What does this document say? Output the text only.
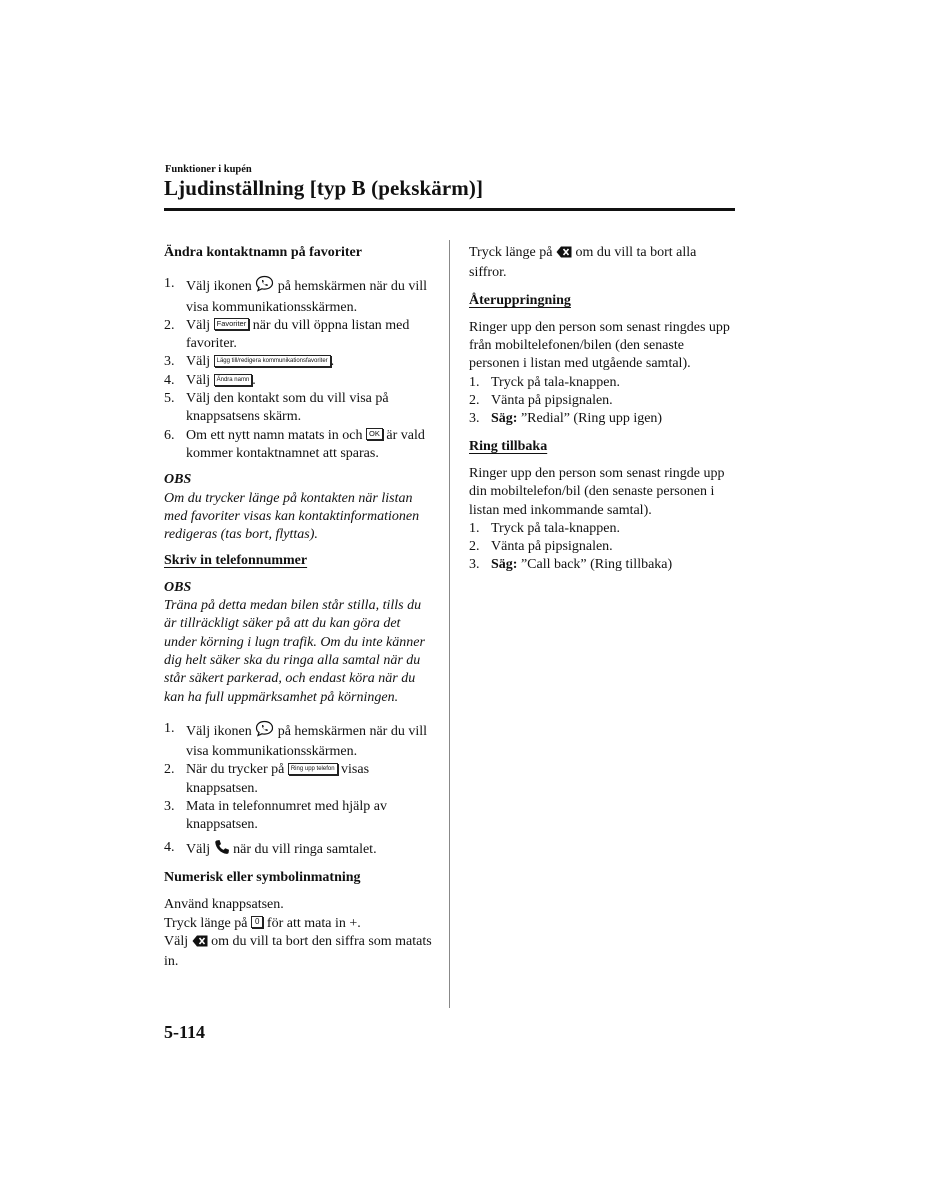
Funktioner i kupén
Ljudinställning [typ B (pekskärm)]

Ändra kontaktnamn på favoriter

1. Välj ikonen på hemskärmen när du vill visa kommunikationsskärmen.
2. Välj Favoriter när du vill öppna listan med favoriter.
3. Välj Lägg till/redigera kommunikationsfavoriter .
4. Välj Ändra namn .
5. Välj den kontakt som du vill visa på knappsatsens skärm.
6. Om ett nytt namn matats in och OK är vald kommer kontaktnamnet att sparas.

OBS

Om du trycker länge på kontakten när listan med favoriter visas kan kontaktinformationen redigeras (tas bort, flyttas).

Skriv in telefonnummer

OBS

Träna på detta medan bilen står stilla, tills du är tillräckligt säker på att du kan göra det under körning i lugn trafik. Om du inte känner dig helt säker ska du ringa alla samtal när du står säkert parkerad, och endast köra när du kan ha full uppmärksamhet på körningen.

1. Välj ikonen på hemskärmen när du vill visa kommunikationsskärmen.
2. När du trycker på Ring upp telefon visas knappsatsen.
3. Mata in telefonnumret med hjälp av knappsatsen.
4. Välj när du vill ringa samtalet.

Numerisk eller symbolinmatning

Använd knappsatsen.

Tryck länge på 0 för att mata in +.

Välj om du vill ta bort den siffra som matats in.

Tryck länge på om du vill ta bort alla siffror.

Återuppringning

Ringer upp den person som senast ringdes upp från mobiltelefonen/bilen (den senaste personen i listan med utgående samtal).

1. Tryck på tala-knappen.
2. Vänta på pipsignalen.
3. Säg: ”Redial” (Ring upp igen)

Ring tillbaka

Ringer upp den person som senast ringde upp din mobiltelefon/bil (den senaste personen i listan med inkommande samtal).

1. Tryck på tala-knappen.
2. Vänta på pipsignalen.
3. Säg: ”Call back” (Ring tillbaka)
5-114
